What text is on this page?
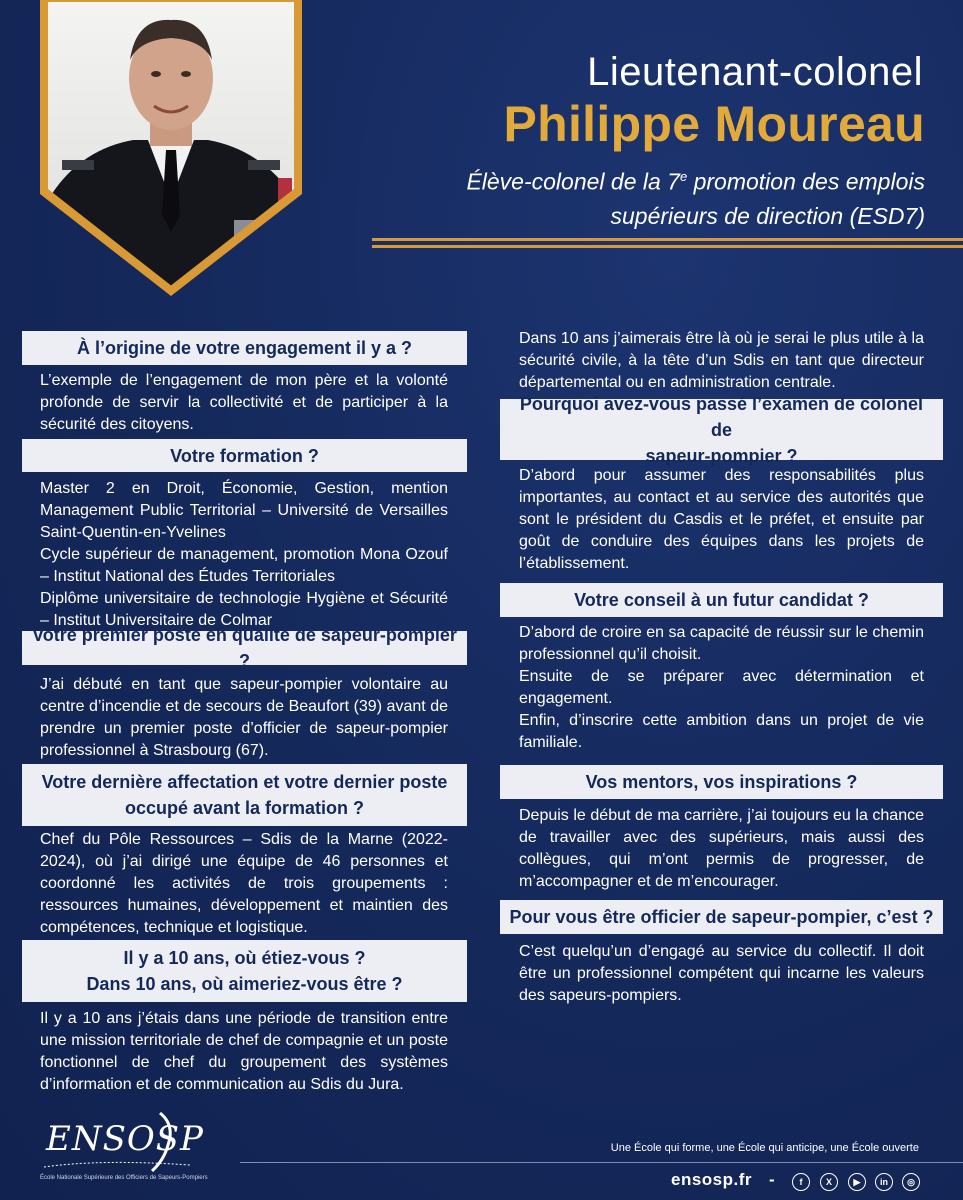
Lieutenant-colonel
Philippe Moureau
Élève-colonel de la 7e promotion des emplois
supérieurs de direction (ESD7)
À l’origine de votre engagement il y a ?

L’exemple de l’engagement de mon père et la volonté profonde de servir la collectivité et de participer à la sécurité des citoyens.

Votre formation ?

Master 2 en Droit, Économie, Gestion, mention Management Public Territorial – Université de Versailles Saint-Quentin-en-Yvelines

Cycle supérieur de management, promotion Mona Ozouf – Institut National des Études Territoriales

Diplôme universitaire de technologie Hygiène et Sécurité – Institut Universitaire de Colmar

Votre premier poste en qualité de sapeur-pompier ?

J’ai débuté en tant que sapeur-pompier volontaire au centre d’incendie et de secours de Beaufort (39) avant de prendre un premier poste d’officier de sapeur-pompier professionnel à Strasbourg (67).

Votre dernière affectation et votre dernier poste
occupé avant la formation ?

Chef du Pôle Ressources – Sdis de la Marne (2022-2024), où j’ai dirigé une équipe de 46 personnes et coordonné les activités de trois groupements : ressources humaines, développement et maintien des compétences, technique et logistique.

Il y a 10 ans, où étiez-vous ?
Dans 10 ans, où aimeriez-vous être ?

Il y a 10 ans j’étais dans une période de transition entre une mission territoriale de chef de compagnie et un poste fonctionnel de chef du groupement des systèmes d’information et de communication au Sdis du Jura.

Dans 10 ans j’aimerais être là où je serai le plus utile à la sécurité civile, à la tête d’un Sdis en tant que directeur départemental ou en administration centrale.

Pourquoi avez-vous passé l’examen de colonel de
sapeur-pompier ?

D’abord pour assumer des responsabilités plus importantes, au contact et au service des autorités que sont le président du Casdis et le préfet, et ensuite par goût de conduire des équipes dans les projets de l’établissement.

Votre conseil à un futur candidat ?

D’abord de croire en sa capacité de réussir sur le chemin professionnel qu’il choisit.

Ensuite de se préparer avec détermination et engagement.

Enfin, d’inscrire cette ambition dans un projet de vie familiale.

Vos mentors, vos inspirations ?

Depuis le début de ma carrière, j’ai toujours eu la chance de travailler avec des supérieurs, mais aussi des collègues, qui m’ont permis de progresser, de m’accompagner et de m’encourager.

Pour vous être officier de sapeur-pompier, c’est ?

C’est quelqu’un d’engagé au service du collectif. Il doit être un professionnel compétent qui incarne les valeurs des sapeurs-pompiers.

ENSOSP
École Nationale Supérieure des Officiers de Sapeurs-Pompiers
Une École qui forme, une École qui anticipe, une École ouverte
ensosp.fr -	f	X	▶	in	◎
